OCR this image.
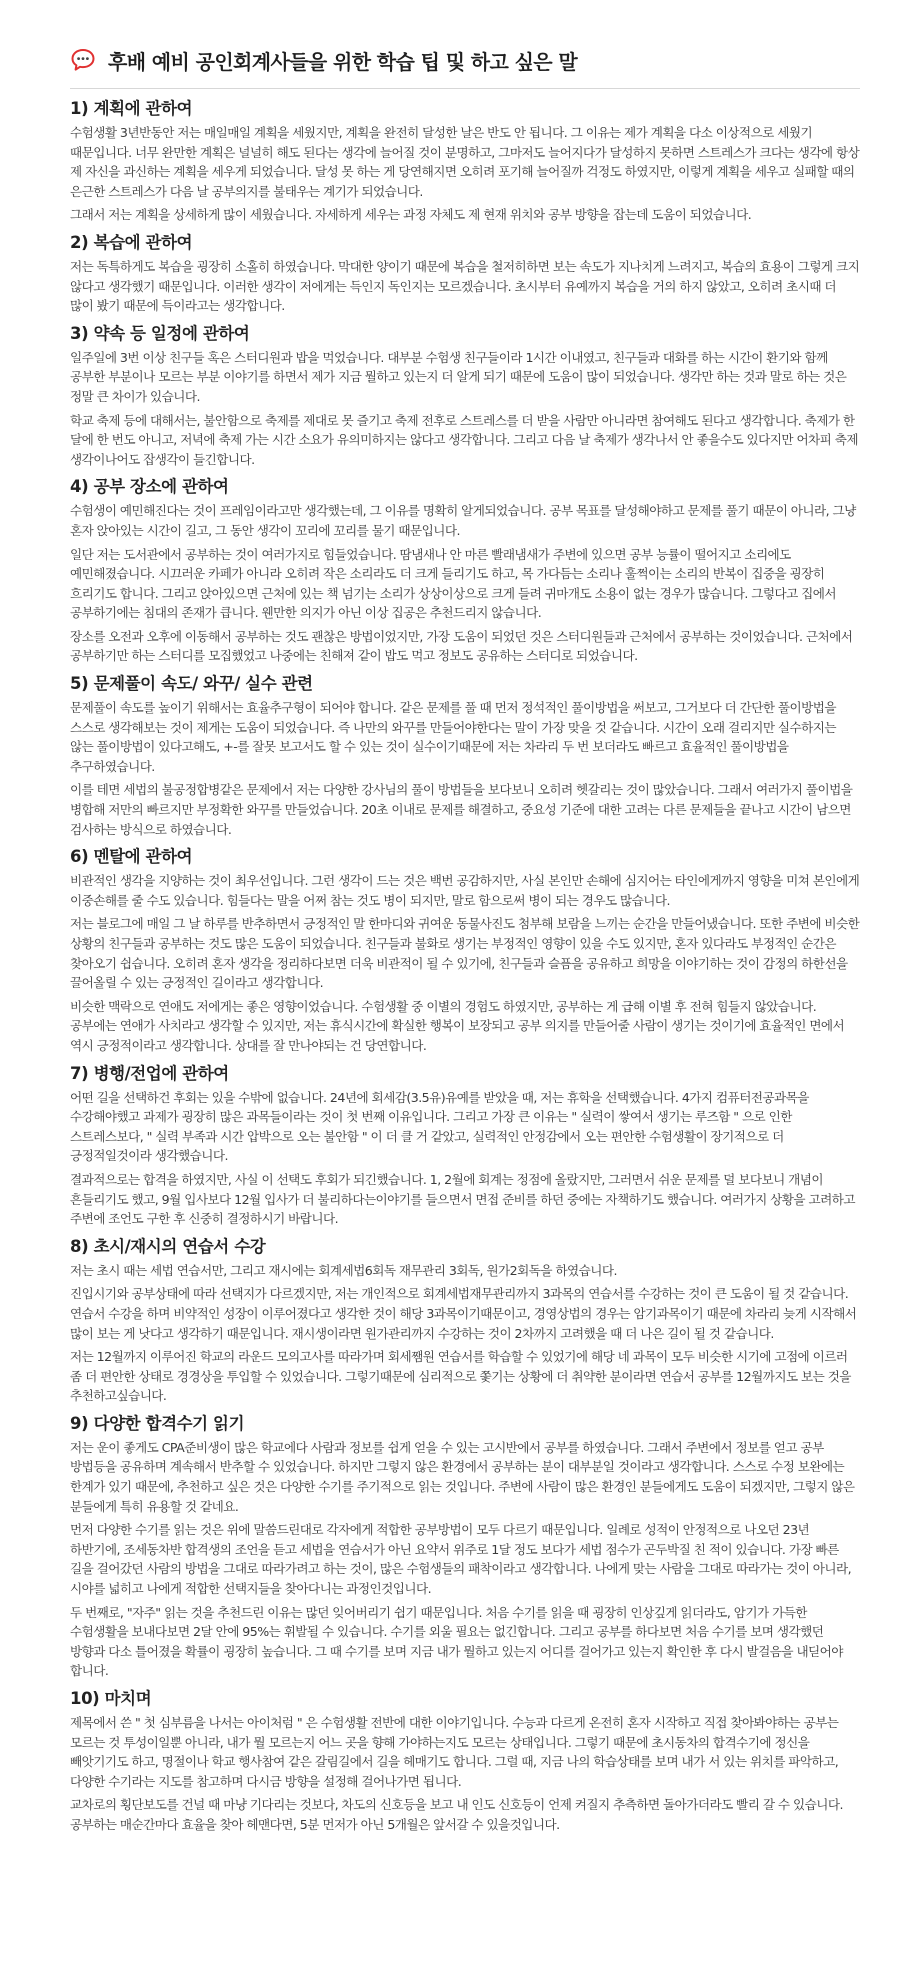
후배 예비 공인회계사들을 위한 학습 팁 및 하고 싶은 말
1) 계획에 관하여

수험생활 3년반동안 저는 매일매일 계획을 세웠지만, 계획을 완전히 달성한 날은 반도 안 됩니다. 그 이유는 제가 계획을 다소 이상적으로 세웠기 때문입니다. 너무 완만한 계획은 널널히 해도 된다는 생각에 늘어질 것이 분명하고, 그마저도 늘어지다가 달성하지 못하면 스트레스가 크다는 생각에 항상 제 자신을 과신하는 계획을 세우게 되었습니다. 달성 못 하는 게 당연해지면 오히려 포기해 늘어질까 걱정도 하였지만, 이렇게 계획을 세우고 실패할 때의 은근한 스트레스가 다음 날 공부의지를 불태우는 계기가 되었습니다.

그래서 저는 계획을 상세하게 많이 세웠습니다. 자세하게 세우는 과정 자체도 제 현재 위치와 공부 방향을 잡는데 도움이 되었습니다.

2) 복습에 관하여

저는 독특하게도 복습을 굉장히 소홀히 하였습니다. 막대한 양이기 때문에 복습을 철저히하면 보는 속도가 지나치게 느려지고, 복습의 효용이 그렇게 크지 않다고 생각했기 때문입니다. 이러한 생각이 저에게는 득인지 독인지는 모르겠습니다. 초시부터 유예까지 복습을 거의 하지 않았고, 오히려 초시때 더 많이 봤기 때문에 득이라고는 생각합니다.

3) 약속 등 일정에 관하여

일주일에 3번 이상 친구들 혹은 스터디원과 밥을 먹었습니다. 대부분 수험생 친구들이라 1시간 이내였고, 친구들과 대화를 하는 시간이 환기와 함께 공부한 부분이나 모르는 부분 이야기를 하면서 제가 지금 뭘하고 있는지 더 알게 되기 때문에 도움이 많이 되었습니다. 생각만 하는 것과 말로 하는 것은 정말 큰 차이가 있습니다.

학교 축제 등에 대해서는, 불안함으로 축제를 제대로 못 즐기고 축제 전후로 스트레스를 더 받을 사람만 아니라면 참여해도 된다고 생각합니다. 축제가 한 달에 한 번도 아니고, 저녁에 축제 가는 시간 소요가 유의미하지는 않다고 생각합니다. 그리고 다음 날 축제가 생각나서 안 좋을수도 있다지만 어차피 축제 생각이나어도 잡생각이 들긴합니다.

4) 공부 장소에 관하여

수험생이 예민해진다는 것이 프레임이라고만 생각했는데, 그 이유를 명확히 알게되었습니다. 공부 목표를 달성해야하고 문제를 풀기 때문이 아니라, 그냥 혼자 앉아있는 시간이 길고, 그 동안 생각이 꼬리에 꼬리를 물기 때문입니다.

일단 저는 도서관에서 공부하는 것이 여러가지로 힘들었습니다. 땀냄새나 안 마른 빨래냄새가 주변에 있으면 공부 능률이 떨어지고 소리에도 예민해졌습니다. 시끄러운 카페가 아니라 오히려 작은 소리라도 더 크게 들리기도 하고, 목 가다듬는 소리나 훌쩍이는 소리의 반복이 집중을 굉장히 흐리기도 합니다. 그리고 앉아있으면 근처에 있는 책 넘기는 소리가 상상이상으로 크게 들려 귀마개도 소용이 없는 경우가 많습니다. 그렇다고 집에서 공부하기에는 침대의 존재가 큽니다. 웬만한 의지가 아닌 이상 집공은 추천드리지 않습니다.

장소를 오전과 오후에 이동해서 공부하는 것도 괜찮은 방법이었지만, 가장 도움이 되었던 것은 스터디원들과 근처에서 공부하는 것이었습니다. 근처에서 공부하기만 하는 스터디를 모집했었고 나중에는 친해져 같이 밥도 먹고 정보도 공유하는 스터디로 되었습니다.

5) 문제풀이 속도/ 와꾸/ 실수 관련

문제풀이 속도를 높이기 위해서는 효율추구형이 되어야 합니다. 같은 문제를 풀 때 먼저 정석적인 풀이방법을 써보고, 그거보다 더 간단한 풀이방법을 스스로 생각해보는 것이 제게는 도움이 되었습니다. 즉 나만의 와꾸를 만들어야한다는 말이 가장 맞을 것 같습니다. 시간이 오래 걸리지만 실수하지는 않는 풀이방법이 있다고해도, +-를 잘못 보고서도 할 수 있는 것이 실수이기때문에 저는 차라리 두 번 보더라도 빠르고 효율적인 풀이방법을 추구하였습니다.

이를 테면 세법의 불공정합병같은 문제에서 저는 다양한 강사님의 풀이 방법들을 보다보니 오히려 헷갈리는 것이 많았습니다. 그래서 여러가지 풀이법을 병합해 저만의 빠르지만 부정확한 와꾸를 만들었습니다. 20초 이내로 문제를 해결하고, 중요성 기준에 대한 고려는 다른 문제들을 끝나고 시간이 남으면 검사하는 방식으로 하였습니다.

6) 멘탈에 관하여

비관적인 생각을 지양하는 것이 최우선입니다. 그런 생각이 드는 것은 백번 공감하지만, 사실 본인만 손해에 심지어는 타인에게까지 영향을 미쳐 본인에게 이중손해를 줄 수도 있습니다. 힘들다는 말을 어쩌 참는 것도 병이 되지만, 말로 함으로써 병이 되는 경우도 많습니다.

저는 블로그에 매일 그 날 하루를 반추하면서 긍정적인 말 한마디와 귀여운 동물사진도 첨부해 보람을 느끼는 순간을 만들어냈습니다. 또한 주변에 비슷한 상황의 친구들과 공부하는 것도 많은 도움이 되었습니다. 친구들과 불화로 생기는 부정적인 영향이 있을 수도 있지만, 혼자 있다라도 부정적인 순간은 찾아오기 쉽습니다. 오히려 혼자 생각을 정리하다보면 더욱 비관적이 될 수 있기에, 친구들과 슬픔을 공유하고 희망을 이야기하는 것이 감정의 하한선을 끌어올릴 수 있는 긍정적인 길이라고 생각합니다.

비슷한 맥락으로 연애도 저에게는 좋은 영향이었습니다. 수험생활 중 이별의 경험도 하였지만, 공부하는 게 급해 이별 후 전혀 힘들지 않았습니다. 공부에는 연애가 사치라고 생각할 수 있지만, 저는 휴식시간에 확실한 행복이 보장되고 공부 의지를 만들어줄 사람이 생기는 것이기에 효율적인 면에서 역시 긍정적이라고 생각합니다. 상대를 잘 만나야되는 건 당연합니다.

7) 병행/전업에 관하여

어떤 길을 선택하건 후회는 있을 수밖에 없습니다. 24년에 회세감(3.5유)유예를 받았을 때, 저는 휴학을 선택했습니다. 4가지 컴퓨터전공과목을 수강해야했고 과제가 굉장히 많은 과목들이라는 것이 첫 번째 이유입니다. 그리고 가장 큰 이유는 " 실력이 쌓여서 생기는 루즈함 " 으로 인한 스트레스보다, " 실력 부족과 시간 압박으로 오는 불안함 " 이 더 클 거 같았고, 실력적인 안정감에서 오는 편안한 수험생활이 장기적으로 더 긍정적일것이라 생각했습니다.

결과적으로는 합격을 하였지만, 사실 이 선택도 후회가 되긴했습니다. 1, 2월에 회계는 정점에 올랐지만, 그러면서 쉬운 문제를 덜 보다보니 개념이 흔들리기도 했고, 9월 입사보다 12월 입사가 더 불리하다는이야기를 들으면서 면접 준비를 하던 중에는 자책하기도 했습니다. 여러가지 상황을 고려하고 주변에 조언도 구한 후 신중히 결정하시기 바랍니다.

8) 초시/재시의 연습서 수강

저는 초시 때는 세법 연습서만, 그리고 재시에는 회계세법6회독 재무관리 3회독, 원가2회독을 하였습니다.

진입시기와 공부상태에 따라 선택지가 다르겠지만, 저는 개인적으로 회계세법재무관리까지 3과목의 연습서를 수강하는 것이 큰 도움이 될 것 같습니다. 연습서 수강을 하며 비약적인 성장이 이루어졌다고 생각한 것이 해당 3과목이기때문이고, 경영상법의 경우는 암기과목이기 때문에 차라리 늦게 시작해서 많이 보는 게 낫다고 생각하기 때문입니다. 재시생이라면 원가관리까지 수강하는 것이 2차까지 고려했을 때 더 나은 길이 될 것 같습니다.

저는 12월까지 이루어진 학교의 라운드 모의고사를 따라가며 회세쨈원 연습서를 학습할 수 있었기에 해당 네 과목이 모두 비슷한 시기에 고점에 이르러 좀 더 편안한 상태로 경경상을 투입할 수 있었습니다. 그렇기때문에 심리적으로 쫓기는 상황에 더 취약한 분이라면 연습서 공부를 12월까지도 보는 것을 추천하고싶습니다.

9) 다양한 합격수기 읽기

저는 운이 좋게도 CPA준비생이 많은 학교에다 사람과 정보를 쉽게 얻을 수 있는 고시반에서 공부를 하였습니다. 그래서 주변에서 정보를 얻고 공부 방법등을 공유하며 계속해서 반추할 수 있었습니다. 하지만 그렇지 않은 환경에서 공부하는 분이 대부분일 것이라고 생각합니다. 스스로 수정 보완에는 한계가 있기 때문에, 추천하고 싶은 것은 다양한 수기를 주기적으로 읽는 것입니다. 주변에 사람이 많은 환경인 분들에게도 도움이 되겠지만, 그렇지 않은 분들에게 특히 유용할 것 같네요.

먼저 다양한 수기를 읽는 것은 위에 말씀드린대로 각자에게 적합한 공부방법이 모두 다르기 때문입니다. 일례로 성적이 안정적으로 나오던 23년 하반기에, 조세동차반 합격생의 조언을 듣고 세법을 연습서가 아닌 요약서 위주로 1달 정도 보다가 세법 점수가 곤두박질 친 적이 있습니다. 가장 빠른 길을 걸어갔던 사람의 방법을 그대로 따라가려고 하는 것이, 많은 수험생들의 패착이라고 생각합니다. 나에게 맞는 사람을 그대로 따라가는 것이 아니라, 시야를 넓히고 나에게 적합한 선택지들을 찾아다니는 과정인것입니다.

두 번째로, "자주" 읽는 것을 추천드린 이유는 많던 잊어버리기 쉽기 때문입니다. 처음 수기를 읽을 때 굉장히 인상깊게 읽더라도, 암기가 가득한 수험생활을 보내다보면 2달 안에 95%는 휘발될 수 있습니다. 수기를 외울 필요는 없긴합니다. 그리고 공부를 하다보면 처음 수기를 보며 생각했던 방향과 다소 틀어졌을 확률이 굉장히 높습니다. 그 때 수기를 보며 지금 내가 뭘하고 있는지 어디를 걸어가고 있는지 확인한 후 다시 발걸음을 내딛어야 합니다.

10) 마치며

제목에서 쓴 " 첫 심부름을 나서는 아이처럼 " 은 수험생활 전반에 대한 이야기입니다. 수능과 다르게 온전히 혼자 시작하고 직접 찾아봐야하는 공부는 모르는 것 투성이일뿐 아니라, 내가 뭘 모르는지 어느 곳을 향해 가야하는지도 모르는 상태입니다. 그렇기 때문에 초시동차의 합격수기에 정신을 빼앗기기도 하고, 명절이나 학교 행사참여 같은 갈림길에서 길을 헤매기도 합니다. 그럴 때, 지금 나의 학습상태를 보며 내가 서 있는 위치를 파악하고, 다양한 수기라는 지도를 참고하며 다시금 방향을 설정해 걸어나가면 됩니다.

교차로의 횡단보도를 건널 때 마냥 기다리는 것보다, 차도의 신호등을 보고 내 인도 신호등이 언제 켜질지 추측하면 돌아가더라도 빨리 갈 수 있습니다. 공부하는 매순간마다 효율을 찾아 헤맨다면, 5분 먼저가 아닌 5개월은 앞서갈 수 있을것입니다.
